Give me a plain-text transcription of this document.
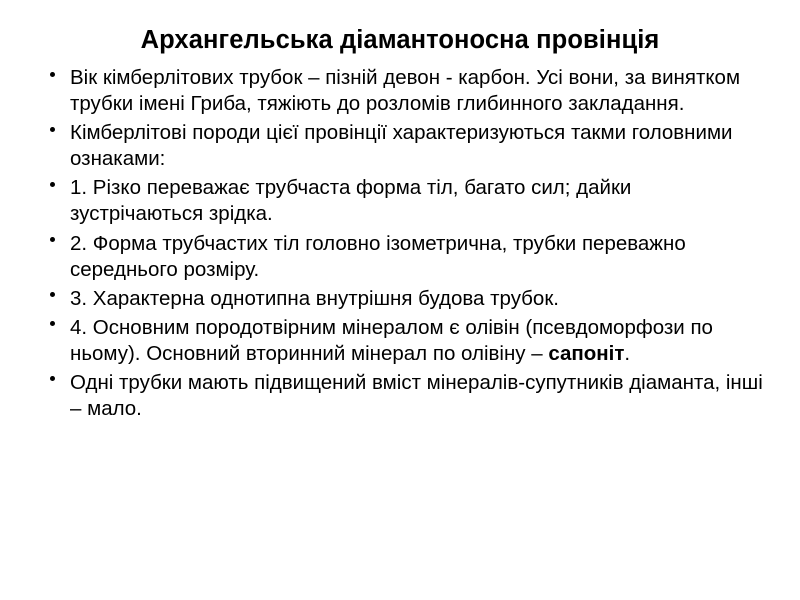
Архангельська діамантоносна провінція
Вік кімберлітових трубок – пізній девон - карбон. Усі вони, за винятком трубки імені Гриба, тяжіють до розломів глибинного закладання.
Кімберлітові породи цієї провінції характеризуються такми головними ознаками:
1. Різко переважає трубчаста форма тіл, багато сил; дайки зустрічаються зрідка.
2. Форма трубчастих тіл головно ізометрична, трубки переважно середнього розміру.
3. Характерна однотипна внутрішня будова трубок.
4. Основним породотвірним мінералом є олівін (псевдоморфози по ньому). Основний вторинний мінерал по олівіну – сапоніт.
Одні трубки мають підвищений вміст мінералів-супутників діаманта, інші – мало.
